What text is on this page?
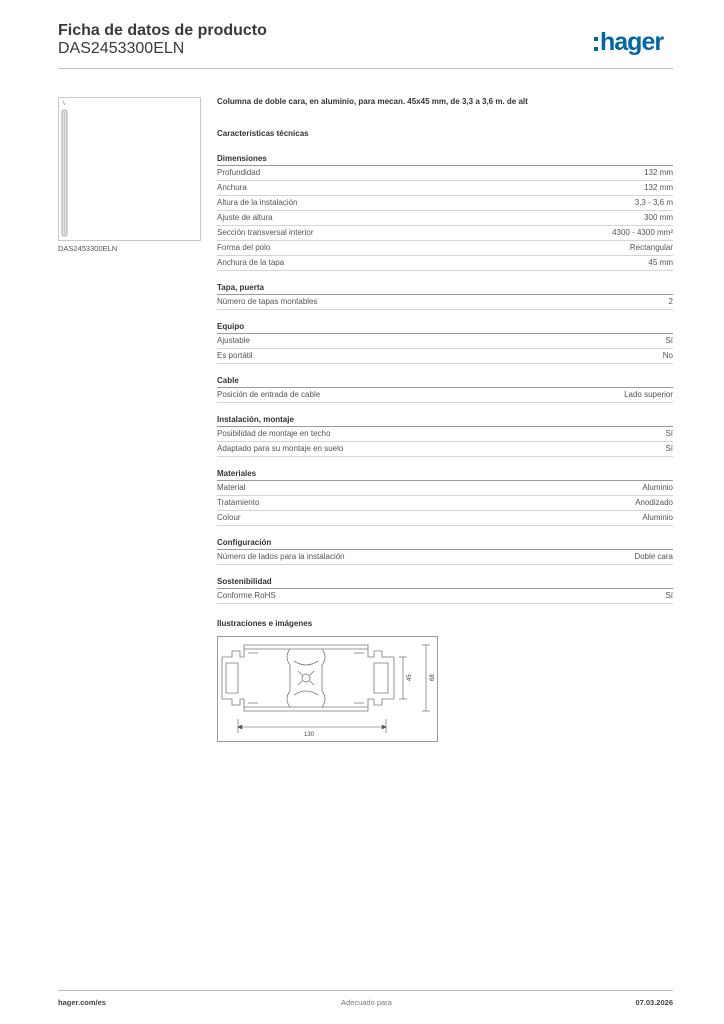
Ficha de datos de producto
DAS2453300ELN	hager
DAS2453300ELN
Columna de doble cara, en aluminio, para mecan. 45x45 mm, de 3,3 a 3,6 m. de alt
Características técnicas
Dimensiones
Profundidad	132 mm
Anchura	132 mm
Altura de la instalación	3,3 - 3,6 m
Ajuste de altura	300 mm
Sección transversal interior	4300 - 4300 mm²
Forma del polo	Rectangular
Anchura de la tapa	45 mm
Tapa, puerta
Número de tapas montables	2
Equipo
Ajustable	Sí
Es portátil	No
Cable
Posición de entrada de cable	Lado superior
Instalación, montaje
Posibilidad de montaje en techo	Sí
Adaptado para su montaje en suelo	Sí
Materiales
Material	Aluminio
Tratamiento	Anodizado
Colour	Aluminio
Configuración
Número de lados para la instalación	Doble cara
Sostenibilidad
Conforme RoHS	Sí
Ilustraciones e imágenes
45	68
130
hager.com/es	Adecuado para	07.03.2026
